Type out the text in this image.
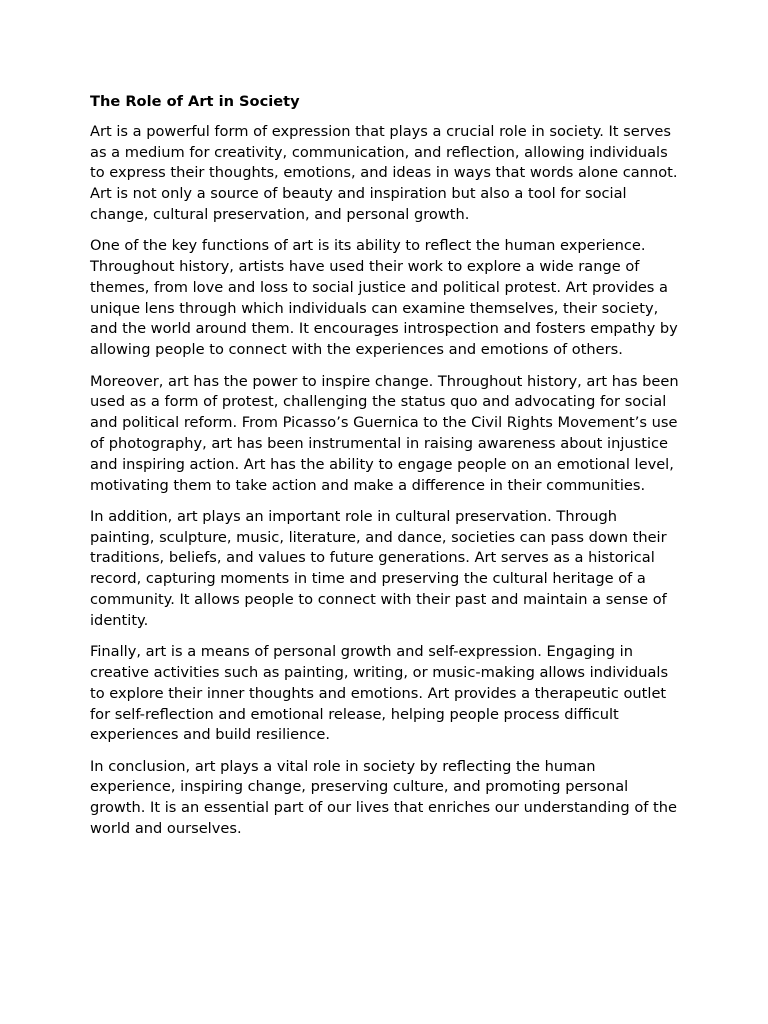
The Role of Art in Society

Art is a powerful form of expression that plays a crucial role in society. It serves as a medium for creativity, communication, and reflection, allowing individuals to express their thoughts, emotions, and ideas in ways that words alone cannot. Art is not only a source of beauty and inspiration but also a tool for social change, cultural preservation, and personal growth.

One of the key functions of art is its ability to reflect the human experience. Throughout history, artists have used their work to explore a wide range of themes, from love and loss to social justice and political protest. Art provides a unique lens through which individuals can examine themselves, their society, and the world around them. It encourages introspection and fosters empathy by allowing people to connect with the experiences and emotions of others.

Moreover, art has the power to inspire change. Throughout history, art has been used as a form of protest, challenging the status quo and advocating for social and political reform. From Picasso’s Guernica to the Civil Rights Movement’s use of photography, art has been instrumental in raising awareness about injustice and inspiring action. Art has the ability to engage people on an emotional level, motivating them to take action and make a difference in their communities.

In addition, art plays an important role in cultural preservation. Through painting, sculpture, music, literature, and dance, societies can pass down their traditions, beliefs, and values to future generations. Art serves as a historical record, capturing moments in time and preserving the cultural heritage of a community. It allows people to connect with their past and maintain a sense of identity.

Finally, art is a means of personal growth and self-expression. Engaging in creative activities such as painting, writing, or music-making allows individuals to explore their inner thoughts and emotions. Art provides a therapeutic outlet for self-reflection and emotional release, helping people process difficult experiences and build resilience.

In conclusion, art plays a vital role in society by reflecting the human experience, inspiring change, preserving culture, and promoting personal growth. It is an essential part of our lives that enriches our understanding of the world and ourselves.
